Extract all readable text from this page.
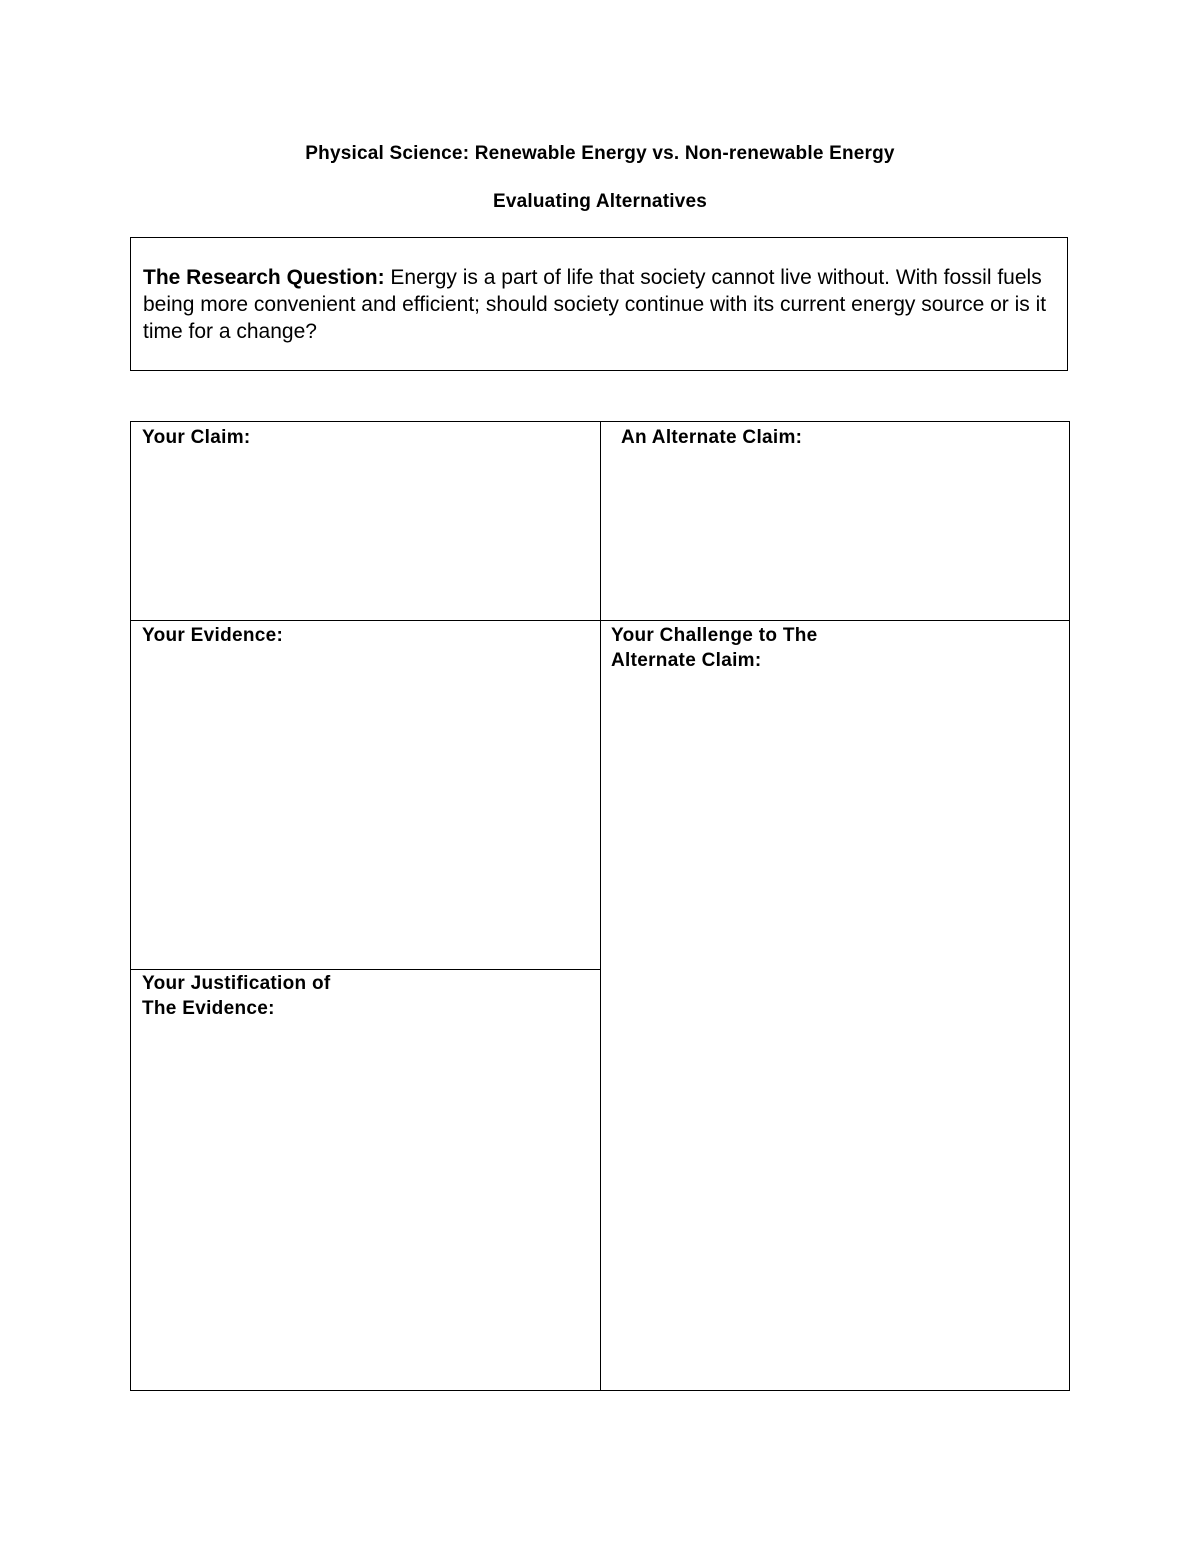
Physical Science: Renewable Energy vs. Non-renewable Energy
Evaluating Alternatives
The Research Question: Energy is a part of life that society cannot live without. With fossil fuels being more convenient and efficient; should society continue with its current energy source or is it time for a change?
Your Claim:	An Alternate Claim:
Your Evidence:	Your Challenge to The
Alternate Claim:
Your Justification of
The Evidence:
